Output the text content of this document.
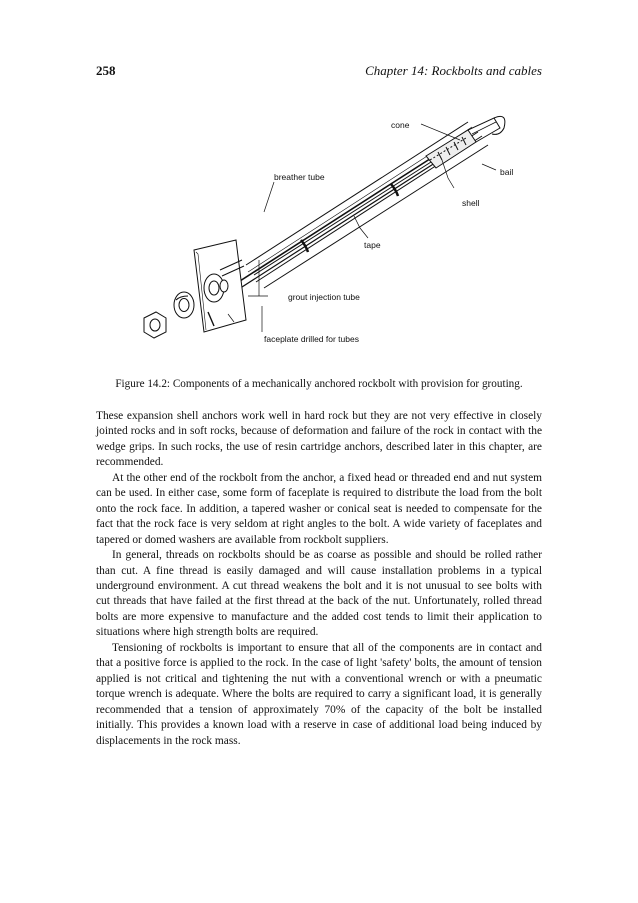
258	Chapter 14: Rockbolts and cables
cone
bail
shell
breather tube
tape
grout injection tube
faceplate drilled for tubes
Figure 14.2: Components of a mechanically anchored rockbolt with provision for grouting.

These expansion shell anchors work well in hard rock but they are not very effective in closely jointed rocks and in soft rocks, because of deformation and failure of the rock in contact with the wedge grips. In such rocks, the use of resin cartridge anchors, described later in this chapter, are recommended.

At the other end of the rockbolt from the anchor, a fixed head or threaded end and nut system can be used. In either case, some form of faceplate is required to distribute the load from the bolt onto the rock face. In addition, a tapered washer or conical seat is needed to compensate for the fact that the rock face is very seldom at right angles to the bolt. A wide variety of faceplates and tapered or domed washers are available from rockbolt suppliers.

In general, threads on rockbolts should be as coarse as possible and should be rolled rather than cut. A fine thread is easily damaged and will cause installation problems in a typical underground environment. A cut thread weakens the bolt and it is not unusual to see bolts with cut threads that have failed at the first thread at the back of the nut. Unfortunately, rolled thread bolts are more expensive to manufacture and the added cost tends to limit their application to situations where high strength bolts are required.

Tensioning of rockbolts is important to ensure that all of the components are in contact and that a positive force is applied to the rock. In the case of light 'safety' bolts, the amount of tension applied is not critical and tightening the nut with a conventional wrench or with a pneumatic torque wrench is adequate. Where the bolts are required to carry a significant load, it is generally recommended that a tension of approximately 70% of the capacity of the bolt be installed initially. This provides a known load with a reserve in case of additional load being induced by displacements in the rock mass.
